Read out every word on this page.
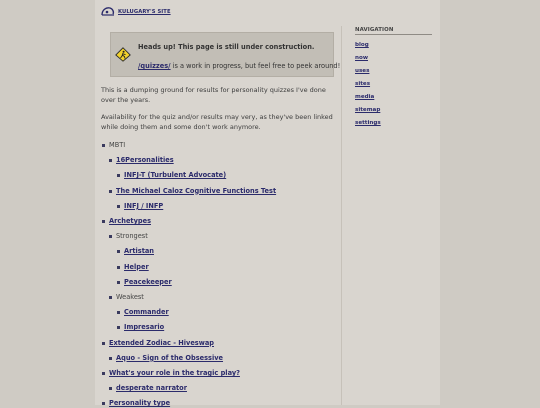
KULUGARY'S SITE
Heads up! This page is still under construction.
/quizzes/ is a work in progress, but feel free to peek around!
This is a dumping ground for results for personality quizzes I've done over the years.
Availability for the quiz and/or results may very, as they've been linked while doing them and some don't work anymore.
MBTI
16Personalities
INFJ-T (Turbulent Advocate)
The Michael Caloz Cognitive Functions Test
INFJ / INFP
Archetypes
Strongest
Artistan
Helper
Peacekeeper
Weakest
Commander
Impresario
Extended Zodiac - Hiveswap
Aquo - Sign of the Obsessive
What's your role in the tragic play?
desperate narrator
Personality type
NAVIGATION
blog
now
uses
sites
media
sitemap
settings
